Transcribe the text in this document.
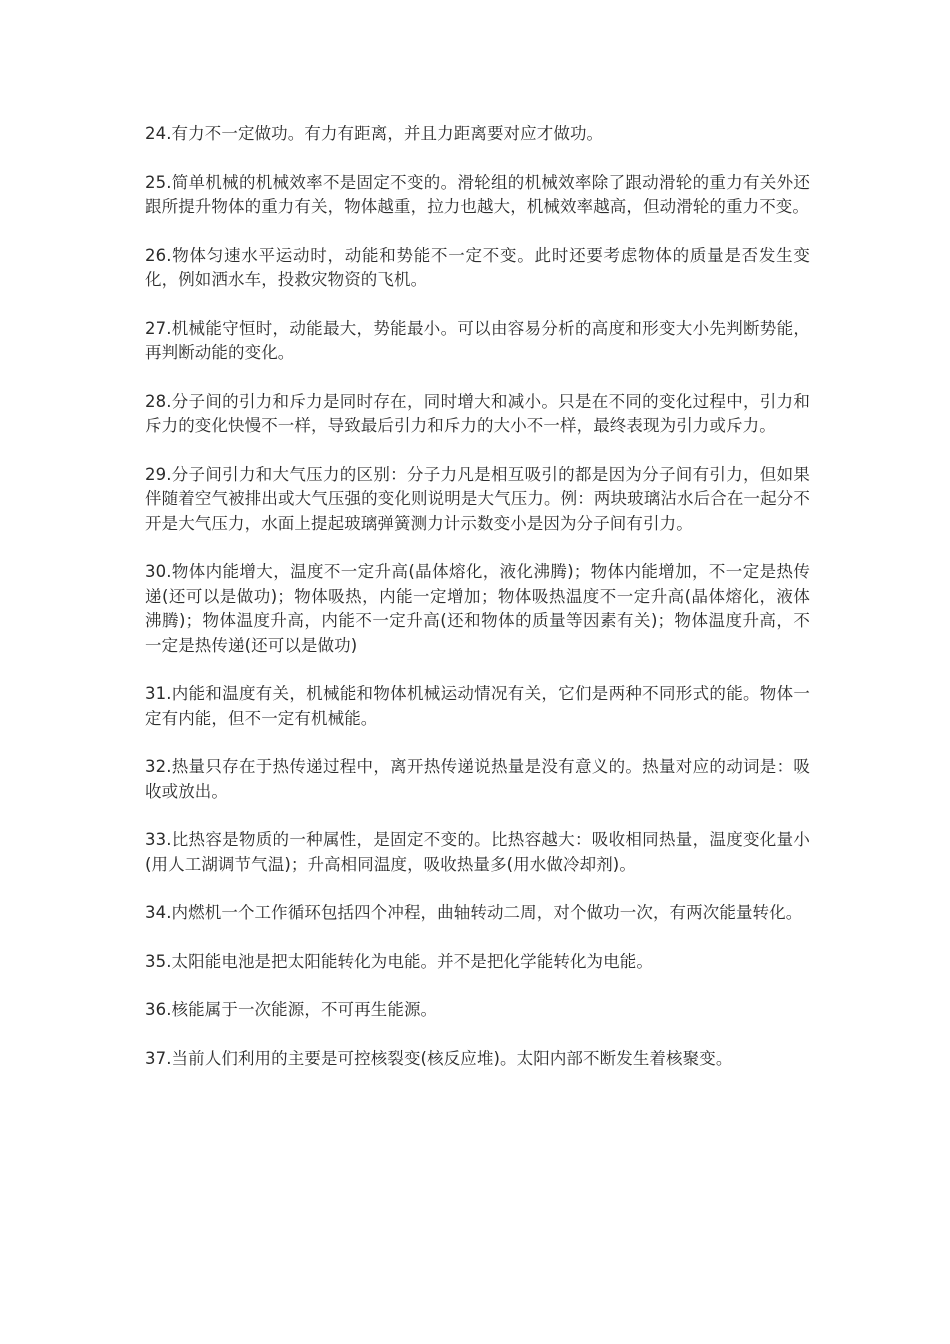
24.有力不一定做功。有力有距离，并且力距离要对应才做功。

25.简单机械的机械效率不是固定不变的。滑轮组的机械效率除了跟动滑轮的重力有关外还跟所提升物体的重力有关，物体越重，拉力也越大，机械效率越高，但动滑轮的重力不变。

26.物体匀速水平运动时，动能和势能不一定不变。此时还要考虑物体的质量是否发生变化，例如洒水车，投救灾物资的飞机。

27.机械能守恒时，动能最大，势能最小。可以由容易分析的高度和形变大小先判断势能，再判断动能的变化。

28.分子间的引力和斥力是同时存在，同时增大和减小。只是在不同的变化过程中，引力和斥力的变化快慢不一样，导致最后引力和斥力的大小不一样，最终表现为引力或斥力。

29.分子间引力和大气压力的区别：分子力凡是相互吸引的都是因为分子间有引力，但如果伴随着空气被排出或大气压强的变化则说明是大气压力。例：两块玻璃沾水后合在一起分不开是大气压力，水面上提起玻璃弹簧测力计示数变小是因为分子间有引力。

30.物体内能增大，温度不一定升高(晶体熔化，液化沸腾)；物体内能增加，不一定是热传递(还可以是做功)；物体吸热，内能一定增加；物体吸热温度不一定升高(晶体熔化，液体沸腾)；物体温度升高，内能不一定升高(还和物体的质量等因素有关)；物体温度升高，不一定是热传递(还可以是做功)

31.内能和温度有关，机械能和物体机械运动情况有关，它们是两种不同形式的能。物体一定有内能，但不一定有机械能。

32.热量只存在于热传递过程中，离开热传递说热量是没有意义的。热量对应的动词是：吸收或放出。

33.比热容是物质的一种属性，是固定不变的。比热容越大：吸收相同热量，温度变化量小(用人工湖调节气温)；升高相同温度，吸收热量多(用水做冷却剂)。

34.内燃机一个工作循环包括四个冲程，曲轴转动二周，对个做功一次，有两次能量转化。

35.太阳能电池是把太阳能转化为电能。并不是把化学能转化为电能。

36.核能属于一次能源，不可再生能源。

37.当前人们利用的主要是可控核裂变(核反应堆)。太阳内部不断发生着核聚变。
